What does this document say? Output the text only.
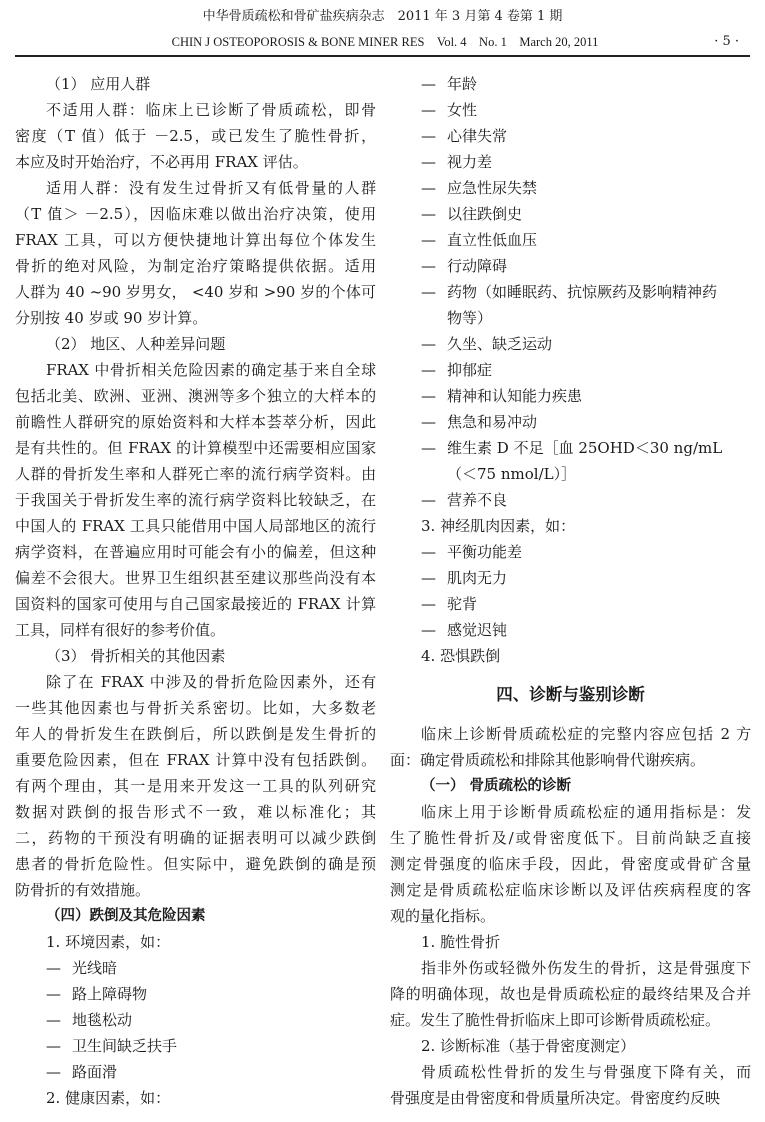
中华骨质疏松和骨矿盐疾病杂志　2011 年 3 月第 4 卷第 1 期
CHIN J OSTEOPOROSIS & BONE MINER RES　Vol. 4　No. 1　March 20, 2011	· 5 ·
（1） 应用人群
不适用人群：临床上已诊断了骨质疏松，即骨
密度（T 值）低于 －2.5，或已发生了脆性骨折，
本应及时开始治疗，不必再用 FRAX 评估。
适用人群：没有发生过骨折又有低骨量的人群
（T 值＞ －2.5），因临床难以做出治疗决策，使用
FRAX 工具，可以方便快捷地计算出每位个体发生
骨折的绝对风险，为制定治疗策略提供依据。适用
人群为 40 ~90 岁男女， <40 岁和 >90 岁的个体可
分别按 40 岁或 90 岁计算。
（2） 地区、人种差异问题
FRAX 中骨折相关危险因素的确定基于来自全球
包括北美、欧洲、亚洲、澳洲等多个独立的大样本的
前瞻性人群研究的原始资料和大样本荟萃分析，因此
是有共性的。但 FRAX 的计算模型中还需要相应国家
人群的骨折发生率和人群死亡率的流行病学资料。由
于我国关于骨折发生率的流行病学资料比较缺乏，在
中国人的 FRAX 工具只能借用中国人局部地区的流行
病学资料，在普遍应用时可能会有小的偏差，但这种
偏差不会很大。世界卫生组织甚至建议那些尚没有本
国资料的国家可使用与自己国家最接近的 FRAX 计算
工具，同样有很好的参考价值。
（3） 骨折相关的其他因素
除了在 FRAX 中涉及的骨折危险因素外，还有
一些其他因素也与骨折关系密切。比如，大多数老
年人的骨折发生在跌倒后，所以跌倒是发生骨折的
重要危险因素，但在 FRAX 计算中没有包括跌倒。
有两个理由，其一是用来开发这一工具的队列研究
数据对跌倒的报告形式不一致，难以标准化；其
二，药物的干预没有明确的证据表明可以减少跌倒
患者的骨折危险性。但实际中，避免跌倒的确是预
防骨折的有效措施。
（四）跌倒及其危险因素
1. 环境因素，如：
— 光线暗
— 路上障碍物
— 地毯松动
— 卫生间缺乏扶手
— 路面滑
2. 健康因素，如：
— 年龄
— 女性
— 心律失常
— 视力差
— 应急性尿失禁
— 以往跌倒史
— 直立性低血压
— 行动障碍
— 药物（如睡眠药、抗惊厥药及影响精神药
物等）
— 久坐、缺乏运动
— 抑郁症
— 精神和认知能力疾患
— 焦急和易冲动
— 维生素 D 不足［血 25OHD＜30 ng/mL
（＜75 nmol/L）］
— 营养不良
3. 神经肌肉因素，如：
— 平衡功能差
— 肌肉无力
— 驼背
— 感觉迟钝
4. 恐惧跌倒
四、诊断与鉴别诊断
临床上诊断骨质疏松症的完整内容应包括 2 方
面：确定骨质疏松和排除其他影响骨代谢疾病。
（一） 骨质疏松的诊断
临床上用于诊断骨质疏松症的通用指标是：发
生了脆性骨折及/或骨密度低下。目前尚缺乏直接
测定骨强度的临床手段，因此，骨密度或骨矿含量
测定是骨质疏松症临床诊断以及评估疾病程度的客
观的量化指标。
1. 脆性骨折
指非外伤或轻微外伤发生的骨折，这是骨强度下
降的明确体现，故也是骨质疏松症的最终结果及合并
症。发生了脆性骨折临床上即可诊断骨质疏松症。
2. 诊断标准（基于骨密度测定）
骨质疏松性骨折的发生与骨强度下降有关，而
骨强度是由骨密度和骨质量所决定。骨密度约反映
